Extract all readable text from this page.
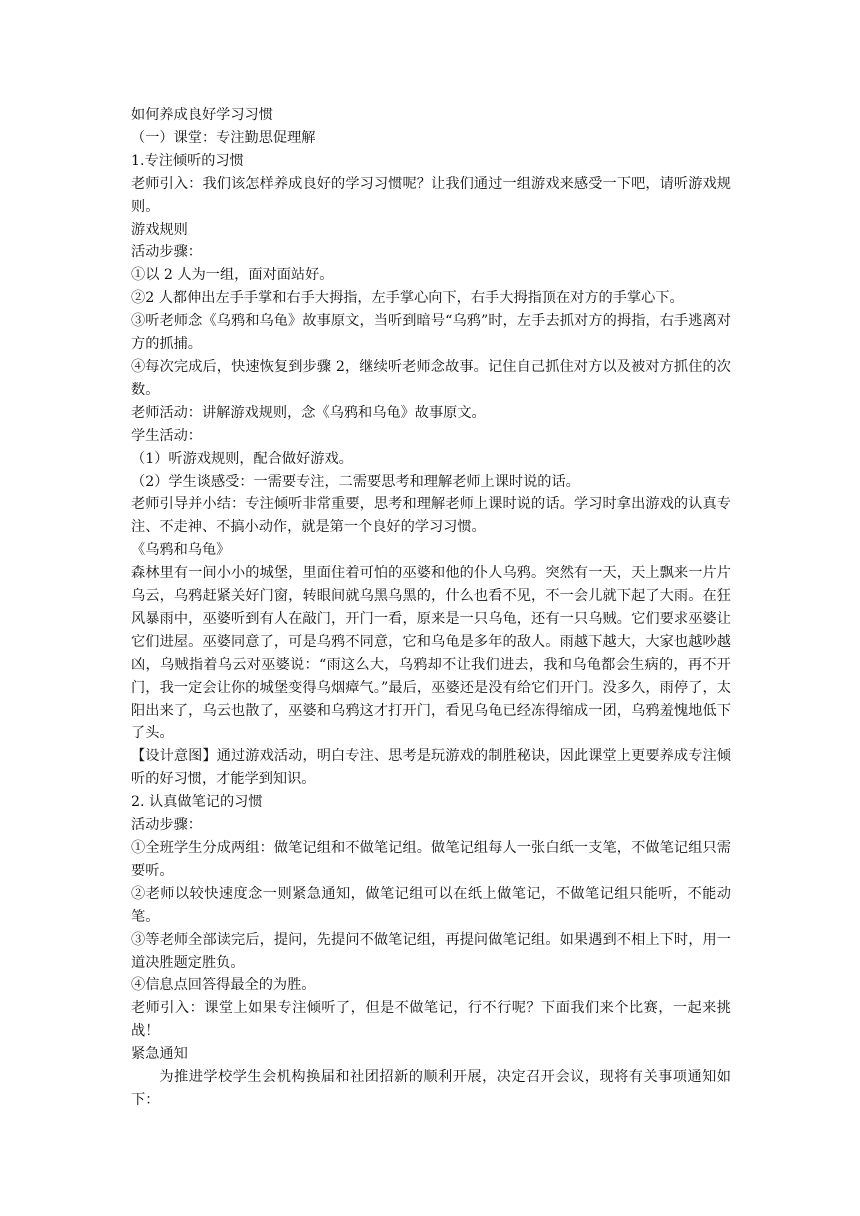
如何养成良好学习习惯

（一）课堂：专注勤思促理解

1.专注倾听的习惯

老师引入：我们该怎样养成良好的学习习惯呢？让我们通过一组游戏来感受一下吧，请听游戏规则。

游戏规则

活动步骤：

①以 2 人为一组，面对面站好。

②2 人都伸出左手手掌和右手大拇指，左手掌心向下，右手大拇指顶在对方的手掌心下。

③听老师念《乌鸦和乌龟》故事原文，当听到暗号“乌鸦”时，左手去抓对方的拇指，右手逃离对方的抓捕。

④每次完成后，快速恢复到步骤 2，继续听老师念故事。记住自己抓住对方以及被对方抓住的次数。

老师活动：讲解游戏规则，念《乌鸦和乌龟》故事原文。

学生活动：

（1）听游戏规则，配合做好游戏。

（2）学生谈感受：一需要专注，二需要思考和理解老师上课时说的话。

老师引导并小结：专注倾听非常重要，思考和理解老师上课时说的话。学习时拿出游戏的认真专注、不走神、不搞小动作，就是第一个良好的学习习惯。

《乌鸦和乌龟》

森林里有一间小小的城堡，里面住着可怕的巫婆和他的仆人乌鸦。突然有一天，天上飘来一片片乌云，乌鸦赶紧关好门窗，转眼间就乌黑乌黑的，什么也看不见，不一会儿就下起了大雨。在狂风暴雨中，巫婆听到有人在敲门，开门一看，原来是一只乌龟，还有一只乌贼。它们要求巫婆让它们进屋。巫婆同意了，可是乌鸦不同意，它和乌龟是多年的敌人。雨越下越大，大家也越吵越凶，乌贼指着乌云对巫婆说：“雨这么大，乌鸦却不让我们进去，我和乌龟都会生病的，再不开门，我一定会让你的城堡变得乌烟瘴气。”最后，巫婆还是没有给它们开门。没多久，雨停了，太阳出来了，乌云也散了，巫婆和乌鸦这才打开门，看见乌龟已经冻得缩成一团，乌鸦羞愧地低下了头。

【设计意图】通过游戏活动，明白专注、思考是玩游戏的制胜秘诀，因此课堂上更要养成专注倾听的好习惯，才能学到知识。

2. 认真做笔记的习惯

活动步骤：

①全班学生分成两组：做笔记组和不做笔记组。做笔记组每人一张白纸一支笔，不做笔记组只需要听。

②老师以较快速度念一则紧急通知，做笔记组可以在纸上做笔记，不做笔记组只能听，不能动笔。

③等老师全部读完后，提问，先提问不做笔记组，再提问做笔记组。如果遇到不相上下时，用一道决胜题定胜负。

④信息点回答得最全的为胜。

老师引入：课堂上如果专注倾听了，但是不做笔记，行不行呢？下面我们来个比赛，一起来挑战！

紧急通知

为推进学校学生会机构换届和社团招新的顺利开展，决定召开会议，现将有关事项通知如下：
